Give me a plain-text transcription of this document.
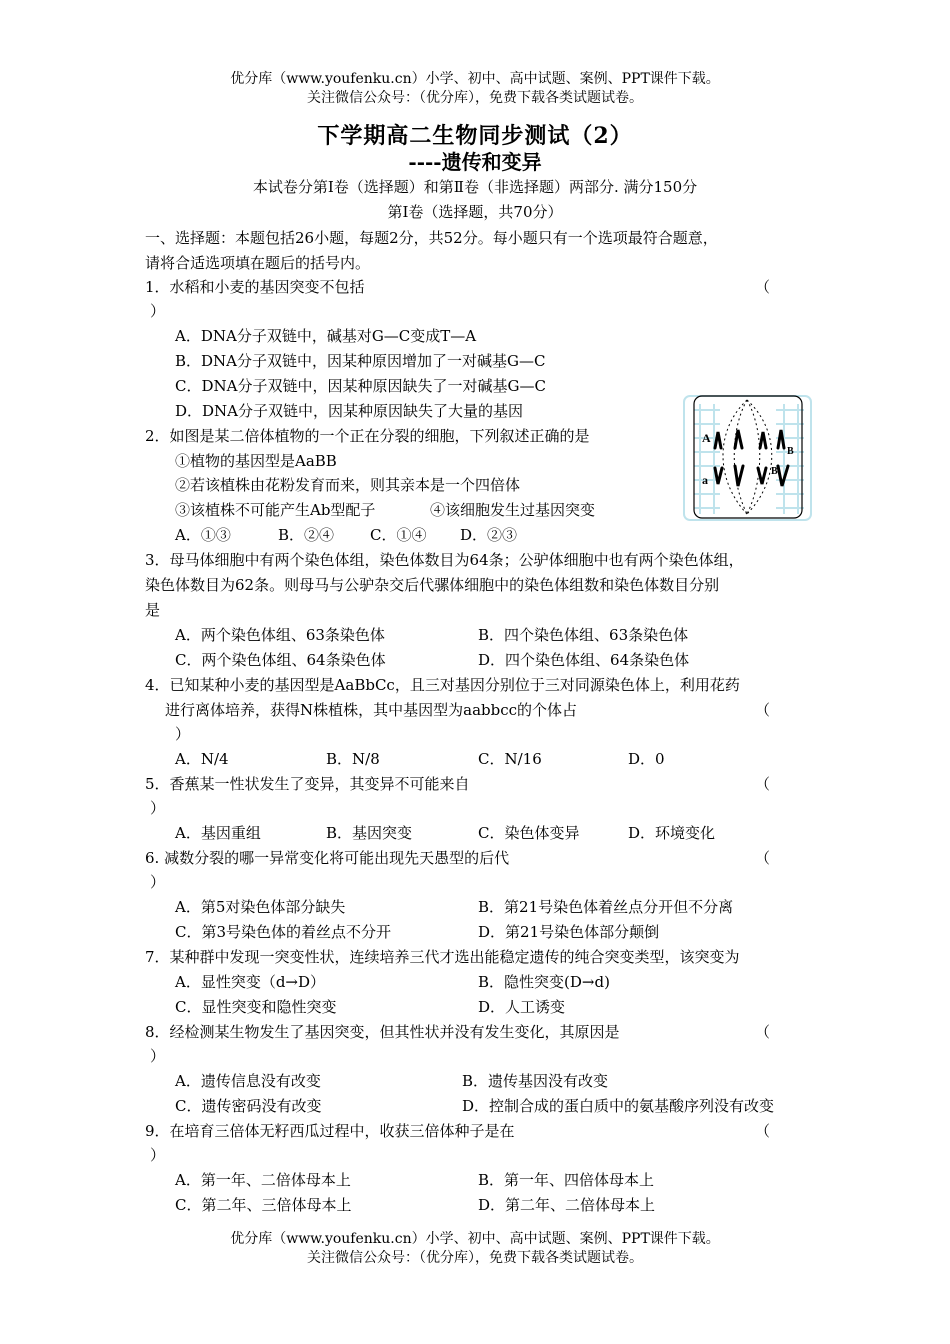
优分库（www.youfenku.cn）小学、初中、高中试题、案例、PPT课件下载。
关注微信公众号：（优分库），免费下载各类试题试卷。
下学期高二生物同步测试（2）
----遗传和变异
本试卷分第Ⅰ卷（选择题）和第Ⅱ卷（非选择题）两部分. 满分150分
第Ⅰ卷（选择题，共70分）
一、选择题：本题包括26小题，每题2分，共52分。每小题只有一个选项最符合题意，
请将合适选项填在题后的括号内。
1．水稻和小麦的基因突变不包括	（
）
A．DNA分子双链中，碱基对G—C变成T—A
B．DNA分子双链中，因某种原因增加了一对碱基G—C
C．DNA分子双链中，因某种原因缺失了一对碱基G—C
D．DNA分子双链中，因某种原因缺失了大量的基因
2．如图是某二倍体植物的一个正在分裂的细胞，下列叙述正确的是
①植物的基因型是AaBB
②若该植株由花粉发育而来，则其亲本是一个四倍体
③该植株不可能产生Ab型配子	④该细胞发生过基因突变
A．①③	B．②④ C．①④ D．②③
A
B
a
B
3．母马体细胞中有两个染色体组，染色体数目为64条；公驴体细胞中也有两个染色体组，
染色体数目为62条。则母马与公驴杂交后代骡体细胞中的染色体组数和染色体数目分别
是
A．两个染色体组、63条染色体	B．四个染色体组、63条染色体
C．两个染色体组、64条染色体	D．四个染色体组、64条染色体
4．已知某种小麦的基因型是AaBbCc，且三对基因分别位于三对同源染色体上，利用花药
进行离体培养，获得N株植株，其中基因型为aabbcc的个体占	（
）
A．N/4	B．N/8	C．N/16	D．0
5．香蕉某一性状发生了变异，其变异不可能来自	（
）
A．基因重组	B．基因突变	C．染色体变异	D．环境变化
6. 减数分裂的哪一异常变化将可能出现先天愚型的后代	（
）
A．第5对染色体部分缺失	B．第21号染色体着丝点分开但不分离
C．第3号染色体的着丝点不分开	D．第21号染色体部分颠倒
7．某种群中发现一突变性状，连续培养三代才选出能稳定遗传的纯合突变类型，该突变为
A．显性突变（d→D）	B．隐性突变(D→d)
C．显性突变和隐性突变	D．人工诱变
8．经检测某生物发生了基因突变，但其性状并没有发生变化，其原因是	（
）
A．遗传信息没有改变	B．遗传基因没有改变
C．遗传密码没有改变	D．控制合成的蛋白质中的氨基酸序列没有改变
9．在培育三倍体无籽西瓜过程中，收获三倍体种子是在	（
）
A．第一年、二倍体母本上	B．第一年、四倍体母本上
C．第二年、三倍体母本上	D．第二年、二倍体母本上
优分库（www.youfenku.cn）小学、初中、高中试题、案例、PPT课件下载。
关注微信公众号：（优分库），免费下载各类试题试卷。
